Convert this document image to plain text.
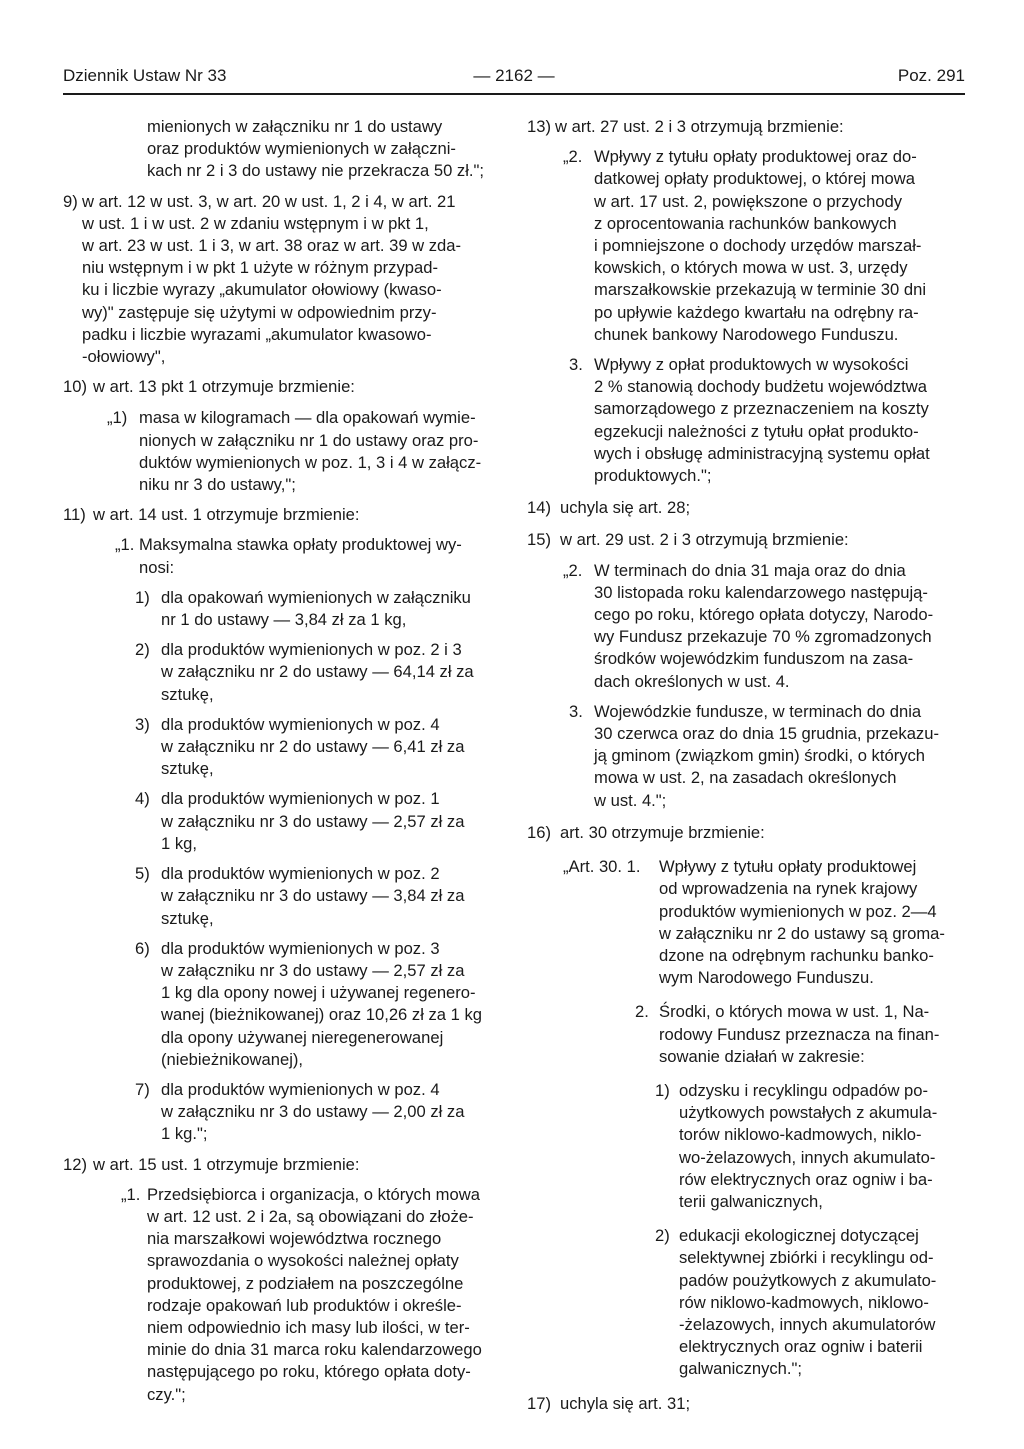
Dziennik Ustaw Nr 33	— 2162 —	Poz. 291
mienionych w załączniku nr 1 do ustawy
oraz produktów wymienionych w załączni-
kach nr 2 i 3 do ustawy nie przekracza 50 zł.";
9) w art. 12 w ust. 3, w art. 20 w ust. 1, 2 i 4, w art. 21
w ust. 1 i w ust. 2 w zdaniu wstępnym i w pkt 1,
w art. 23 w ust. 1 i 3, w art. 38 oraz w art. 39 w zda-
niu wstępnym i w pkt 1 użyte w różnym przypad-
ku i liczbie wyrazy „akumulator ołowiowy (kwaso-
wy)" zastępuje się użytymi w odpowiednim przy-
padku i liczbie wyrazami „akumulator kwasowo-
-ołowiowy",
10) w art. 13 pkt 1 otrzymuje brzmienie:
„1) masa w kilogramach — dla opakowań wymie-
nionych w załączniku nr 1 do ustawy oraz pro-
duktów wymienionych w poz. 1, 3 i 4 w załącz-
niku nr 3 do ustawy,";
11) w art. 14 ust. 1 otrzymuje brzmienie:
„1. Maksymalna stawka opłaty produktowej wy-
nosi:
1) dla opakowań wymienionych w załączniku
nr 1 do ustawy — 3,84 zł za 1 kg,
2) dla produktów wymienionych w poz. 2 i 3
w załączniku nr 2 do ustawy — 64,14 zł za
sztukę,
3) dla produktów wymienionych w poz. 4
w załączniku nr 2 do ustawy — 6,41 zł za
sztukę,
4) dla produktów wymienionych w poz. 1
w załączniku nr 3 do ustawy — 2,57 zł za
1 kg,
5) dla produktów wymienionych w poz. 2
w załączniku nr 3 do ustawy — 3,84 zł za
sztukę,
6) dla produktów wymienionych w poz. 3
w załączniku nr 3 do ustawy — 2,57 zł za
1 kg dla opony nowej i używanej regenero-
wanej (bieżnikowanej) oraz 10,26 zł za 1 kg
dla opony używanej nieregenerowanej
(niebieżnikowanej),
7) dla produktów wymienionych w poz. 4
w załączniku nr 3 do ustawy — 2,00 zł za
1 kg.";
12) w art. 15 ust. 1 otrzymuje brzmienie:
„1. Przedsiębiorca i organizacja, o których mowa
w art. 12 ust. 2 i 2a, są obowiązani do złoże-
nia marszałkowi województwa rocznego
sprawozdania o wysokości należnej opłaty
produktowej, z podziałem na poszczególne
rodzaje opakowań lub produktów i określe-
niem odpowiednio ich masy lub ilości, w ter-
minie do dnia 31 marca roku kalendarzowego
następującego po roku, którego opłata doty-
czy.";
13) w art. 27 ust. 2 i 3 otrzymują brzmienie:
„2. Wpływy z tytułu opłaty produktowej oraz do-
datkowej opłaty produktowej, o której mowa
w art. 17 ust. 2, powiększone o przychody
z oprocentowania rachunków bankowych
i pomniejszone o dochody urzędów marszał-
kowskich, o których mowa w ust. 3, urzędy
marszałkowskie przekazują w terminie 30 dni
po upływie każdego kwartału na odrębny ra-
chunek bankowy Narodowego Funduszu.
3. Wpływy z opłat produktowych w wysokości
2 % stanowią dochody budżetu województwa
samorządowego z przeznaczeniem na koszty
egzekucji należności z tytułu opłat produkto-
wych i obsługę administracyjną systemu opłat
produktowych.";
14) uchyla się art. 28;
15) w art. 29 ust. 2 i 3 otrzymują brzmienie:
„2. W terminach do dnia 31 maja oraz do dnia
30 listopada roku kalendarzowego następują-
cego po roku, którego opłata dotyczy, Narodo-
wy Fundusz przekazuje 70 % zgromadzonych
środków wojewódzkim funduszom na zasa-
dach określonych w ust. 4.
3. Wojewódzkie fundusze, w terminach do dnia
30 czerwca oraz do dnia 15 grudnia, przekazu-
ją gminom (związkom gmin) środki, o których
mowa w ust. 2, na zasadach określonych
w ust. 4.";
16) art. 30 otrzymuje brzmienie:
„Art. 30. 1. Wpływy z tytułu opłaty produktowej
od wprowadzenia na rynek krajowy
produktów wymienionych w poz. 2—4
w załączniku nr 2 do ustawy są groma-
dzone na odrębnym rachunku banko-
wym Narodowego Funduszu.
2. Środki, o których mowa w ust. 1, Na-
rodowy Fundusz przeznacza na finan-
sowanie działań w zakresie:
1) odzysku i recyklingu odpadów po-
użytkowych powstałych z akumula-
torów niklowo-kadmowych, niklo-
wo-żelazowych, innych akumulato-
rów elektrycznych oraz ogniw i ba-
terii galwanicznych,
2) edukacji ekologicznej dotyczącej
selektywnej zbiórki i recyklingu od-
padów poużytkowych z akumulato-
rów niklowo-kadmowych, niklowo-
-żelazowych, innych akumulatorów
elektrycznych oraz ogniw i baterii
galwanicznych.";
17) uchyla się art. 31;
